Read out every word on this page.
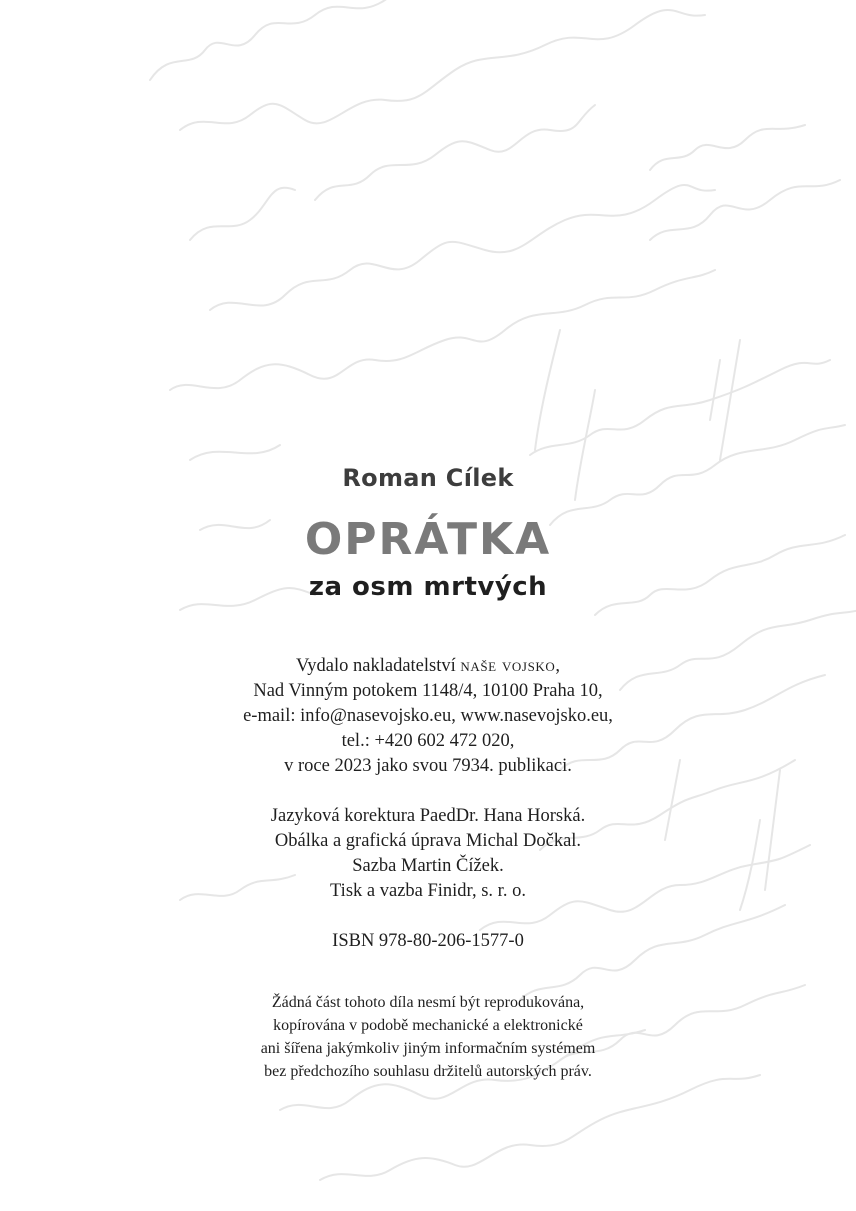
Roman Cílek
OPRÁTKA
za osm mrtvých
Vydalo nakladatelství naše vojsko,
Nad Vinným potokem 1148/4, 10100 Praha 10,
e-mail: info@nasevojsko.eu, www.nasevojsko.eu,
tel.: +420 602 472 020,
v roce 2023 jako svou 7934. publikaci.
Jazyková korektura PaedDr. Hana Horská.
Obálka a grafická úprava Michal Dočkal.
Sazba Martin Čížek.
Tisk a vazba Finidr, s. r. o.
ISBN 978-80-206-1577-0
Žádná část tohoto díla nesmí být reprodukována,
kopírována v podobě mechanické a elektronické
ani šířena jakýmkoliv jiným informačním systémem
bez předchozího souhlasu držitelů autorských práv.
